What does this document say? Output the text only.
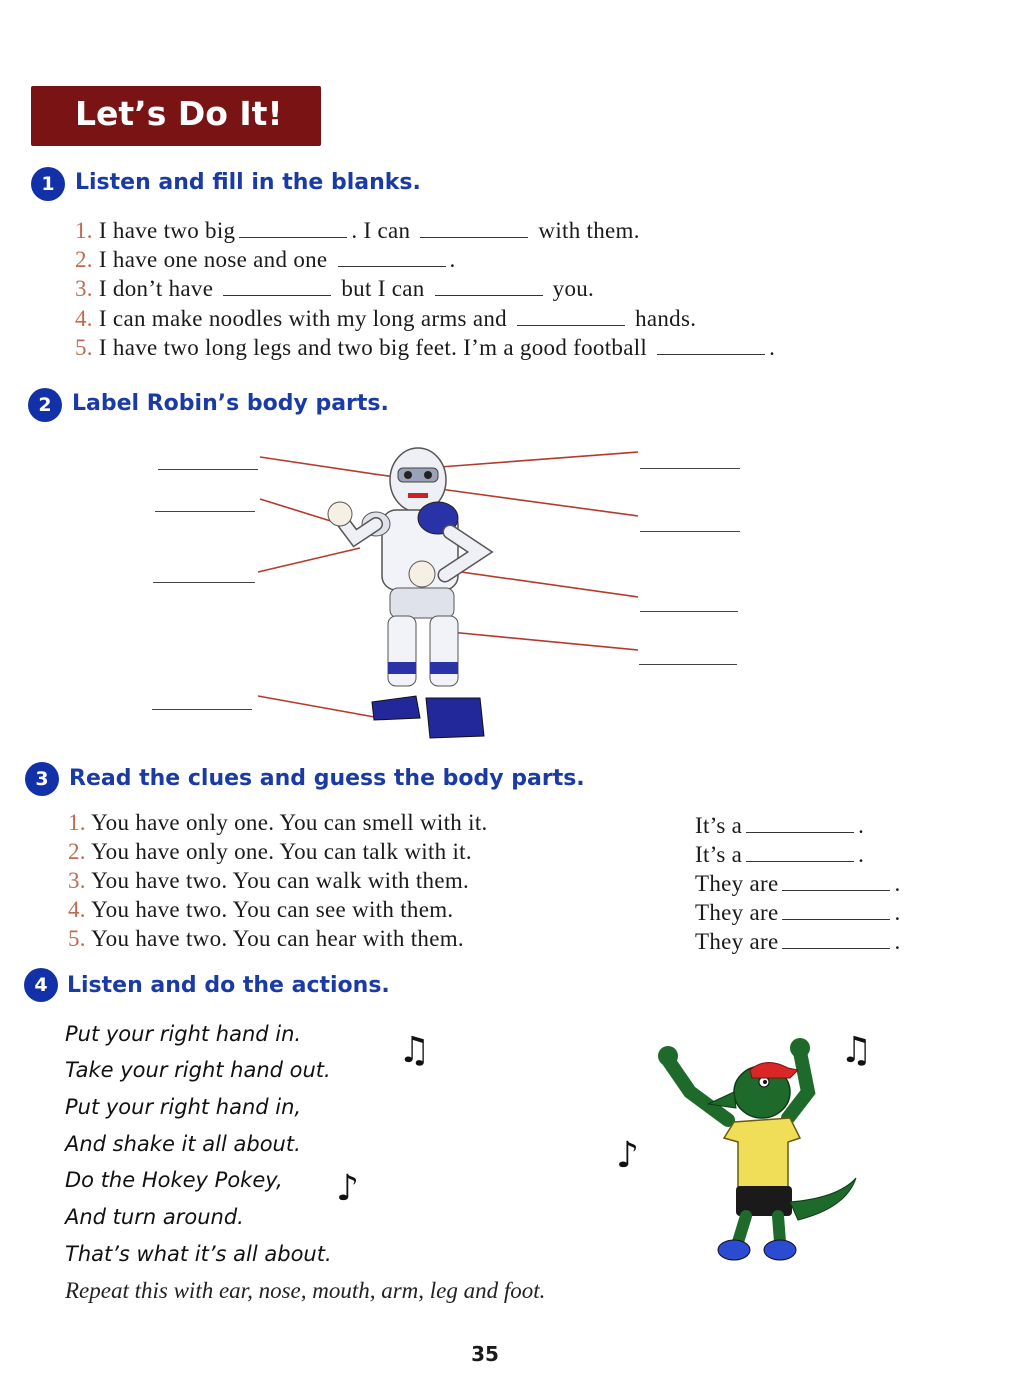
Let’s Do It!
1 Listen and fill in the blanks.
1. I have two big	. I can	with them.
2. I have one nose and one	.
3. I don’t have	but I can	you.
4. I can make noodles with my long arms and	hands.
5. I have two long legs and two big feet. I’m a good football	.
2 Label Robin’s body parts.
3 Read the clues and guess the body parts.
1. You have only one. You can smell with it.
2. You have only one. You can talk with it.
3. You have two. You can walk with them.
4. You have two. You can see with them.
5. You have two. You can hear with them.
It’s a	.
It’s a	.
They are	.
They are	.
They are	.
4 Listen and do the actions.
Put your right hand in.
Take your right hand out.
Put your right hand in,
And shake it all about.
Do the Hokey Pokey,
And turn around.
That’s what it’s all about.
Repeat this with ear, nose, mouth, arm, leg and foot.
♫
♪
♪
♫
35
